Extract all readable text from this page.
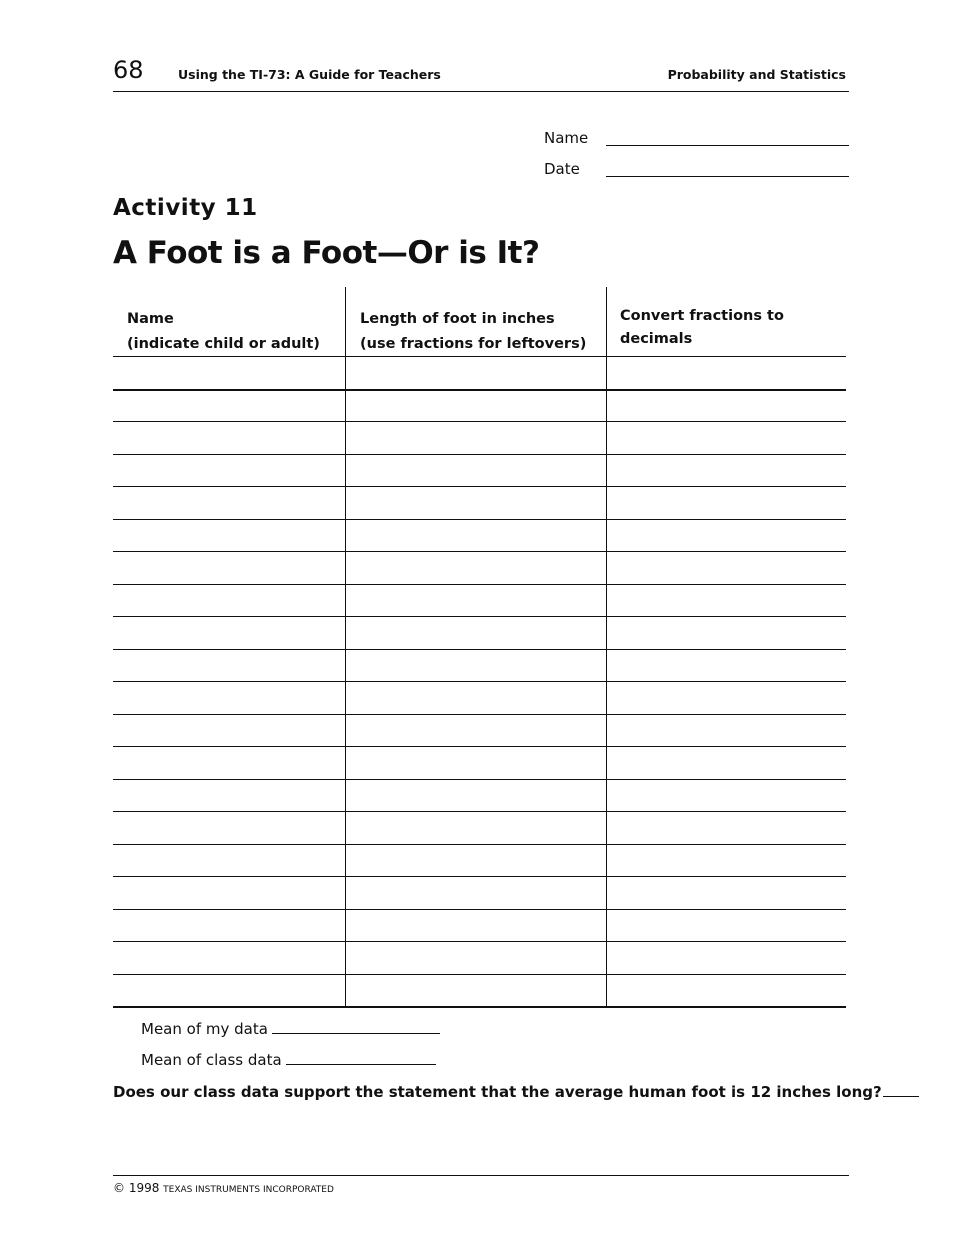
68	Using the TI-73: A Guide for Teachers	Probability and Statistics
Name
Date
Activity 11
A Foot is a Foot—Or is It?
Name
(indicate child or adult)
Length of foot in inches
(use fractions for leftovers)
Convert fractions to
decimals
Mean of my data
Mean of class data
Does our class data support the statement that the average human foot is 12 inches long?
© 1998 TEXAS INSTRUMENTS INCORPORATED
